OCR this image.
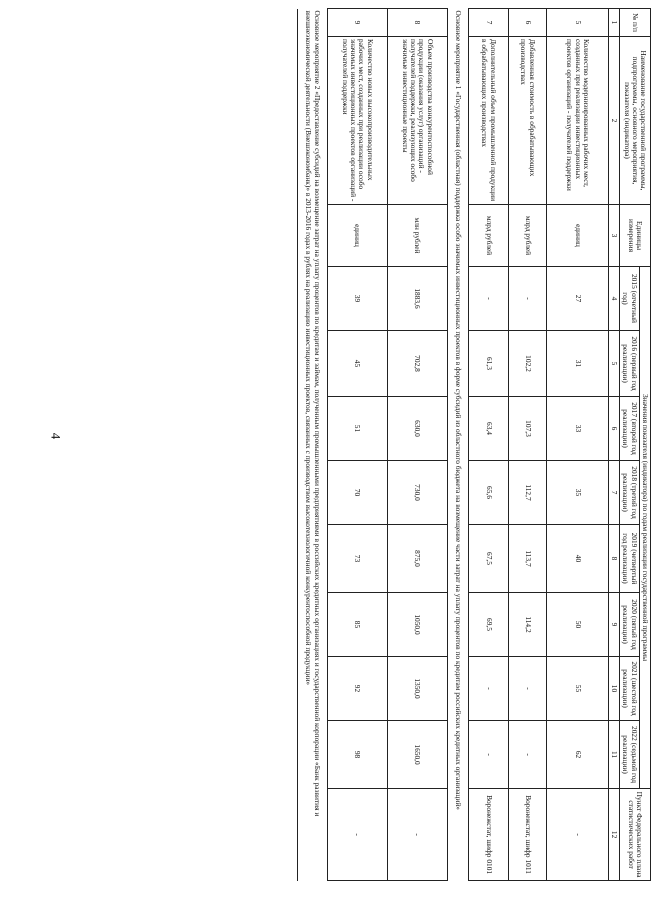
4
№ п/п	Наименование государственной программы, подпрограммы, основного мероприятия, показателя (индикатора)	Единицы измерения	Значения показателя (индикатора) по годам реализации государственной программы								Пункт Федерального плана статистических работ
			2015 (отчетный год)	2016 (первый год реализации)	2017 (второй год реализации)	2018 (третий год реализации)	2019 (четвертый год реализации)	2020 (пятый год реализации)	2021 (шестой год реализации)	2022 (седьмой год реализации)	
1	2	3	4	5	6	7	8	9	10	11	12
5	Количество модернизированных рабочих мест, созданных при реализации инвестиционных проектов организаций - получателей поддержки	единиц	27	31	33	35	40	50	55	62	-
6	Добавленная стоимость в обрабатывающих производствах	млрд рублей	-	102,2	107,3	112,7	113,7	114,2	-	-	Воронежстат, шифр 1011
7	Дополнительный объем промышленной продукции в обрабатывающих производствах	млрд рублей	-	61,3	63,4	65,6	67,5	69,5	-	-	Воронежстат, шифр 0101
Основное мероприятие 1 «Государственная (областная) поддержка особо значимых инвестиционных проектов в форме субсидий из областного бюджета на возмещение части затрат на уплату процентов по кредитам российских кредитных организаций»											
8	Объем производства конкурентоспособной продукции (оказания услуг) организаций - получателей поддержки, реализующих особо значимые инвестиционные проекты	млн рублей	1883,6	702,8	630,0	730,0	875,0	1050,0	1350,0	1650,0	-
9	Количество новых высокопроизводительных рабочих мест, созданных при реализации особо значимых инвестиционных проектов организаций - получателей поддержки	единиц	39	45	51	70	73	85	92	98	-
Основное мероприятие 2 «Предоставление субсидий на возмещение затрат на уплату процентов по кредитам и займам, полученным промышленными предприятиями в российских кредитных организациях и государственной корпорации «Банк развития и внешнеэкономической деятельности (Внешэкономбанк)» в 2013-2016 годах в рублях на реализацию инвестиционных проектов, связанных с производством высокотехнологичной конкурентоспособной продукции»											
